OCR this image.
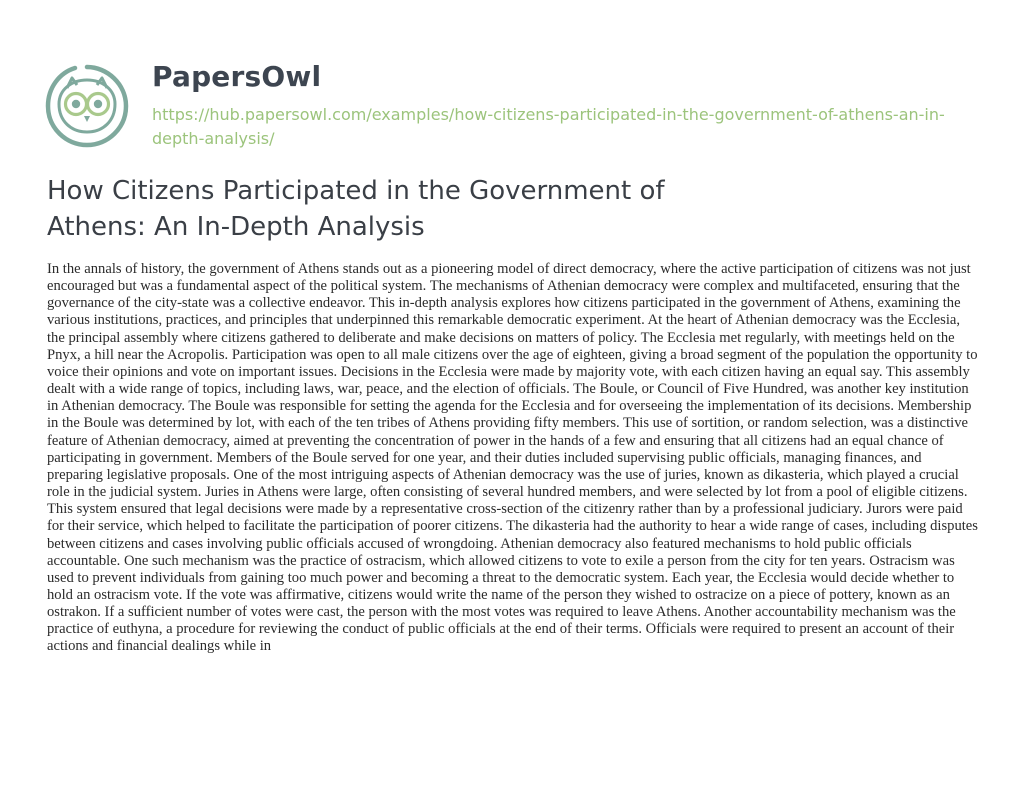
PapersOwl
https://hub.papersowl.com/examples/how-citizens-participated-in-the-government-of-athens-an-in-depth-analysis/
How Citizens Participated in the Government of Athens: An In-Depth Analysis

In the annals of history, the government of Athens stands out as a pioneering model of direct democracy, where the active participation of citizens was not just encouraged but was a fundamental aspect of the political system. The mechanisms of Athenian democracy were complex and multifaceted, ensuring that the governance of the city-state was a collective endeavor. This in-depth analysis explores how citizens participated in the government of Athens, examining the various institutions, practices, and principles that underpinned this remarkable democratic experiment. At the heart of Athenian democracy was the Ecclesia, the principal assembly where citizens gathered to deliberate and make decisions on matters of policy. The Ecclesia met regularly, with meetings held on the Pnyx, a hill near the Acropolis. Participation was open to all male citizens over the age of eighteen, giving a broad segment of the population the opportunity to voice their opinions and vote on important issues. Decisions in the Ecclesia were made by majority vote, with each citizen having an equal say. This assembly dealt with a wide range of topics, including laws, war, peace, and the election of officials. The Boule, or Council of Five Hundred, was another key institution in Athenian democracy. The Boule was responsible for setting the agenda for the Ecclesia and for overseeing the implementation of its decisions. Membership in the Boule was determined by lot, with each of the ten tribes of Athens providing fifty members. This use of sortition, or random selection, was a distinctive feature of Athenian democracy, aimed at preventing the concentration of power in the hands of a few and ensuring that all citizens had an equal chance of participating in government. Members of the Boule served for one year, and their duties included supervising public officials, managing finances, and preparing legislative proposals. One of the most intriguing aspects of Athenian democracy was the use of juries, known as dikasteria, which played a crucial role in the judicial system. Juries in Athens were large, often consisting of several hundred members, and were selected by lot from a pool of eligible citizens. This system ensured that legal decisions were made by a representative cross-section of the citizenry rather than by a professional judiciary. Jurors were paid for their service, which helped to facilitate the participation of poorer citizens. The dikasteria had the authority to hear a wide range of cases, including disputes between citizens and cases involving public officials accused of wrongdoing. Athenian democracy also featured mechanisms to hold public officials accountable. One such mechanism was the practice of ostracism, which allowed citizens to vote to exile a person from the city for ten years. Ostracism was used to prevent individuals from gaining too much power and becoming a threat to the democratic system. Each year, the Ecclesia would decide whether to hold an ostracism vote. If the vote was affirmative, citizens would write the name of the person they wished to ostracize on a piece of pottery, known as an ostrakon. If a sufficient number of votes were cast, the person with the most votes was required to leave Athens. Another accountability mechanism was the practice of euthyna, a procedure for reviewing the conduct of public officials at the end of their terms. Officials were required to present an account of their actions and financial dealings while in
